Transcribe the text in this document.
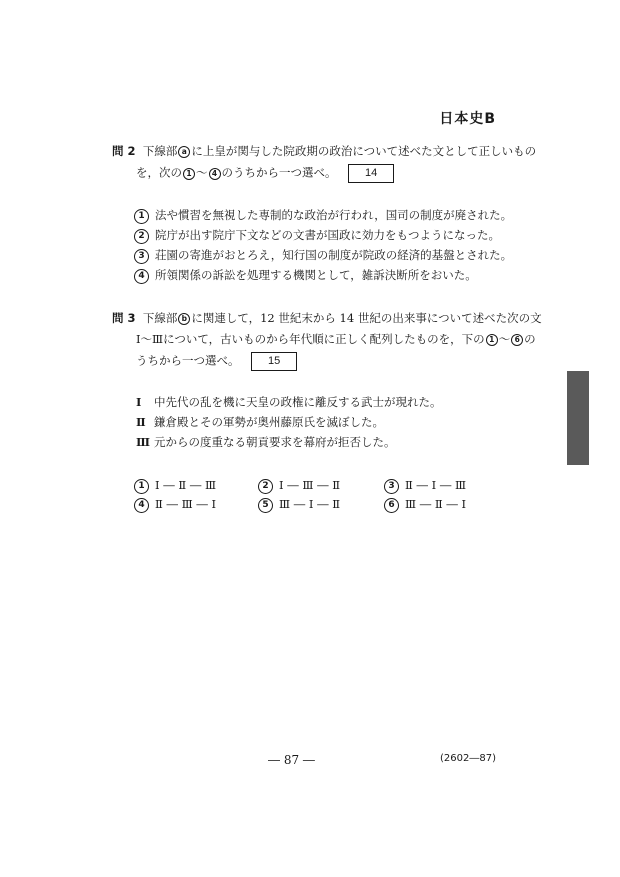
日本史B
問 2 下線部 a に上皇が関与した院政期の政治について述べた文として正しいもの
を，次の 1 ～ 4 のうちから一つ選べ。	14
1 法や慣習を無視した専制的な政治が行われ，国司の制度が廃された。
2 院庁が出す院庁下文などの文書が国政に効力をもつようになった。
3 荘園の寄進がおとろえ，知行国の制度が院政の経済的基盤とされた。
4 所領関係の訴訟を処理する機関として，雑訴決断所をおいた。
問 3 下線部 b に関連して，12 世紀末から 14 世紀の出来事について述べた次の文
Ⅰ～Ⅲについて，古いものから年代順に正しく配列したものを，下の 1 ～ 6 の
うちから一つ選べ。	15
Ⅰ 中先代の乱を機に天皇の政権に離反する武士が現れた。
Ⅱ 鎌倉殿とその軍勢が奥州藤原氏を滅ぼした。
Ⅲ 元からの度重なる朝貢要求を幕府が拒否した。
1 Ⅰ ― Ⅱ ― Ⅲ	2 Ⅰ ― Ⅲ ― Ⅱ	3 Ⅱ ― Ⅰ ― Ⅲ
4 Ⅱ ― Ⅲ ― Ⅰ	5 Ⅲ ― Ⅰ ― Ⅱ	6 Ⅲ ― Ⅱ ― Ⅰ
― 87 ―	(2602―87)
